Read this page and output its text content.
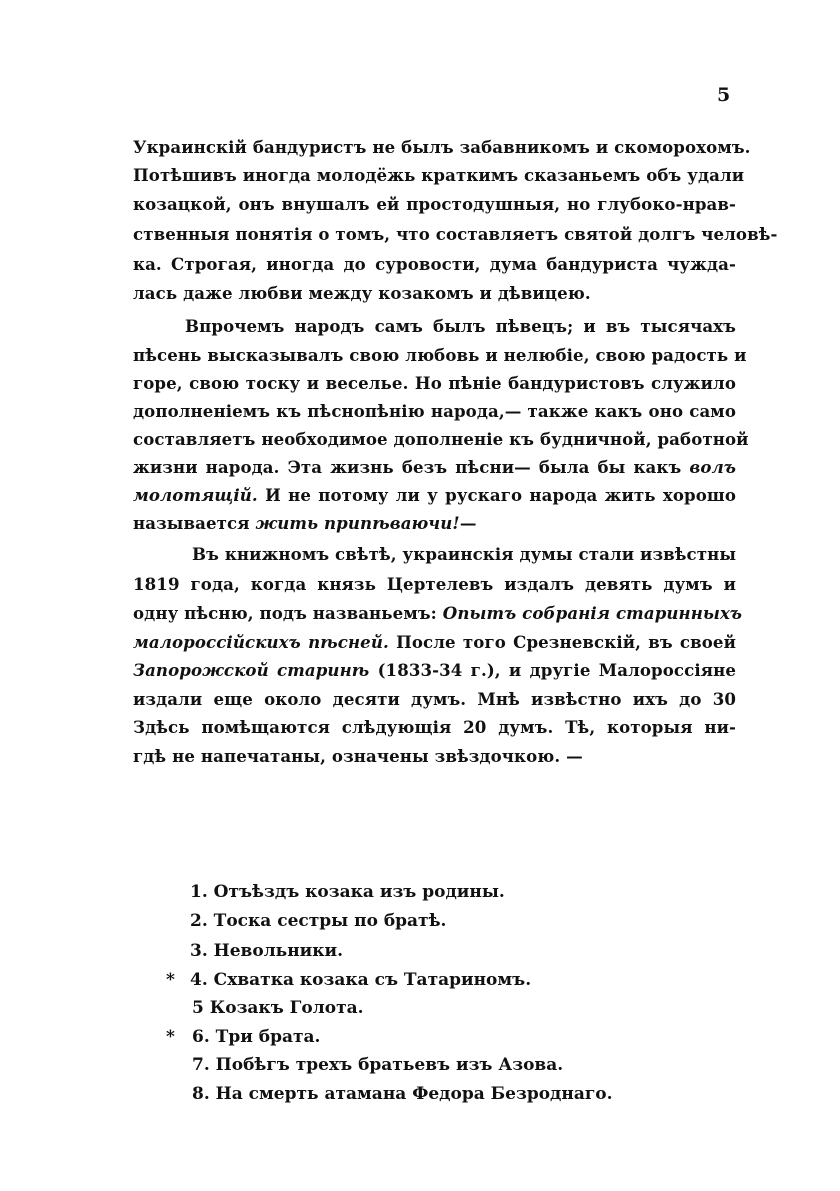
5
Украинскій бандуристъ не былъ забавникомъ и скоморохомъ.
Потѣшивъ иногда молодёжь краткимъ сказаньемъ объ удали
козацкой, онъ внушалъ ей простодушныя, но глубоко-нрав-
ственныя понятія о томъ, что составляетъ святой долгъ человѣ-
ка. Строгая, иногда до суровости, дума бандуриста чужда-
лась даже любви между козакомъ и дѣвицею.
Впрочемъ народъ самъ былъ пѣвецъ; и въ тысячахъ
пѣсень высказывалъ свою любовь и нелюбіе, свою радость и
горе, свою тоску и веселье. Но пѣніе бандуристовъ служило
дополненіемъ къ пѣснопѣнію народа,— также какъ оно само
составляетъ необходимое дополненіе къ будничной, работной
жизни народа. Эта жизнь безъ пѣсни— была бы какъ волъ
молотящій. И не потому ли у рускаго народа жить хорошо
называется жить припѣваючи!—
Въ книжномъ свѣтѣ, украинскія думы стали извѣстны
1819 года, когда князь Цертелевъ издалъ девять думъ и
одну пѣсню, подъ названьемъ: Опытъ собранія старинныхъ
малороссійскихъ пѣсней. После того Срезневскій, въ своей
Запорожской старинѣ (1833-34 г.), и другіе Малороссіяне
издали еще около десяти думъ. Мнѣ извѣстно ихъ до 30
Здѣсь помѣщаются слѣдующія 20 думъ. Тѣ, которыя ни-
гдѣ не напечатаны, означены звѣздочкою. —
1. Отъѣздъ козака изъ родины.
2. Тоска сестры по братѣ.
3. Невольники.
* 4. Схватка козака съ Татариномъ.
5 Козакъ Голота.
* 6. Три брата.
7. Побѣгъ трехъ братьевъ изъ Азова.
8. На смерть атамана Федора Безроднаго.
